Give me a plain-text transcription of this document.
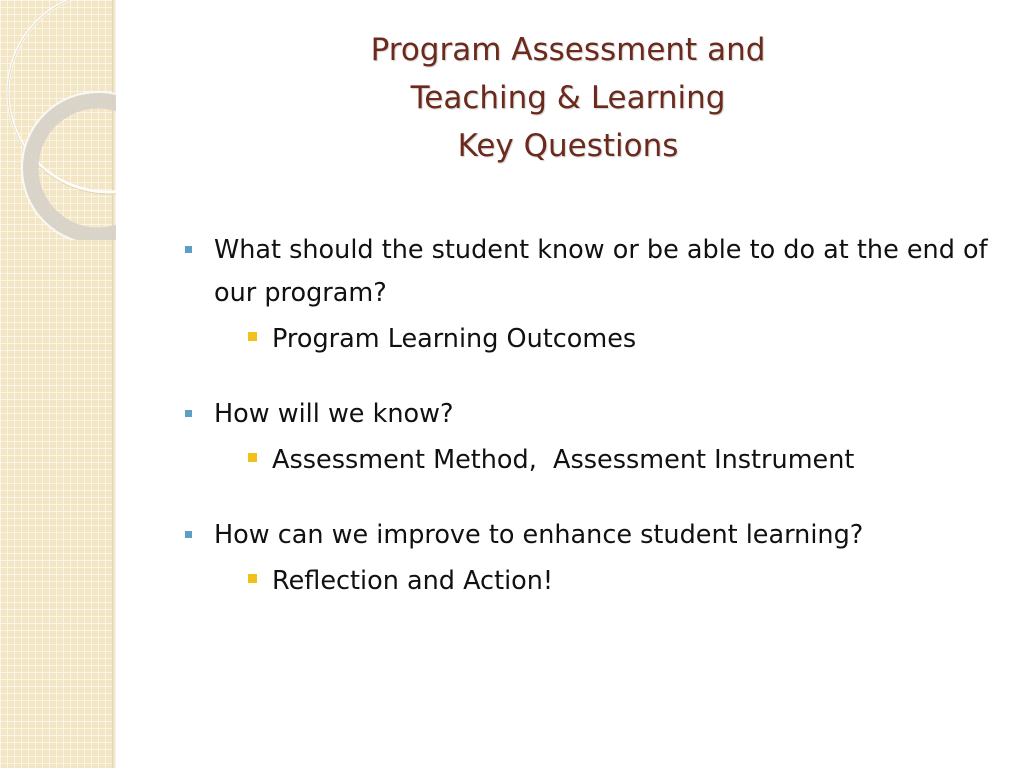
Program Assessment and
Teaching & Learning
Key Questions
What should the student know or be able to do at the end of our program?
Program Learning Outcomes
How will we know?
Assessment Method,  Assessment Instrument
How can we improve to enhance student learning?
Reflection and Action!
